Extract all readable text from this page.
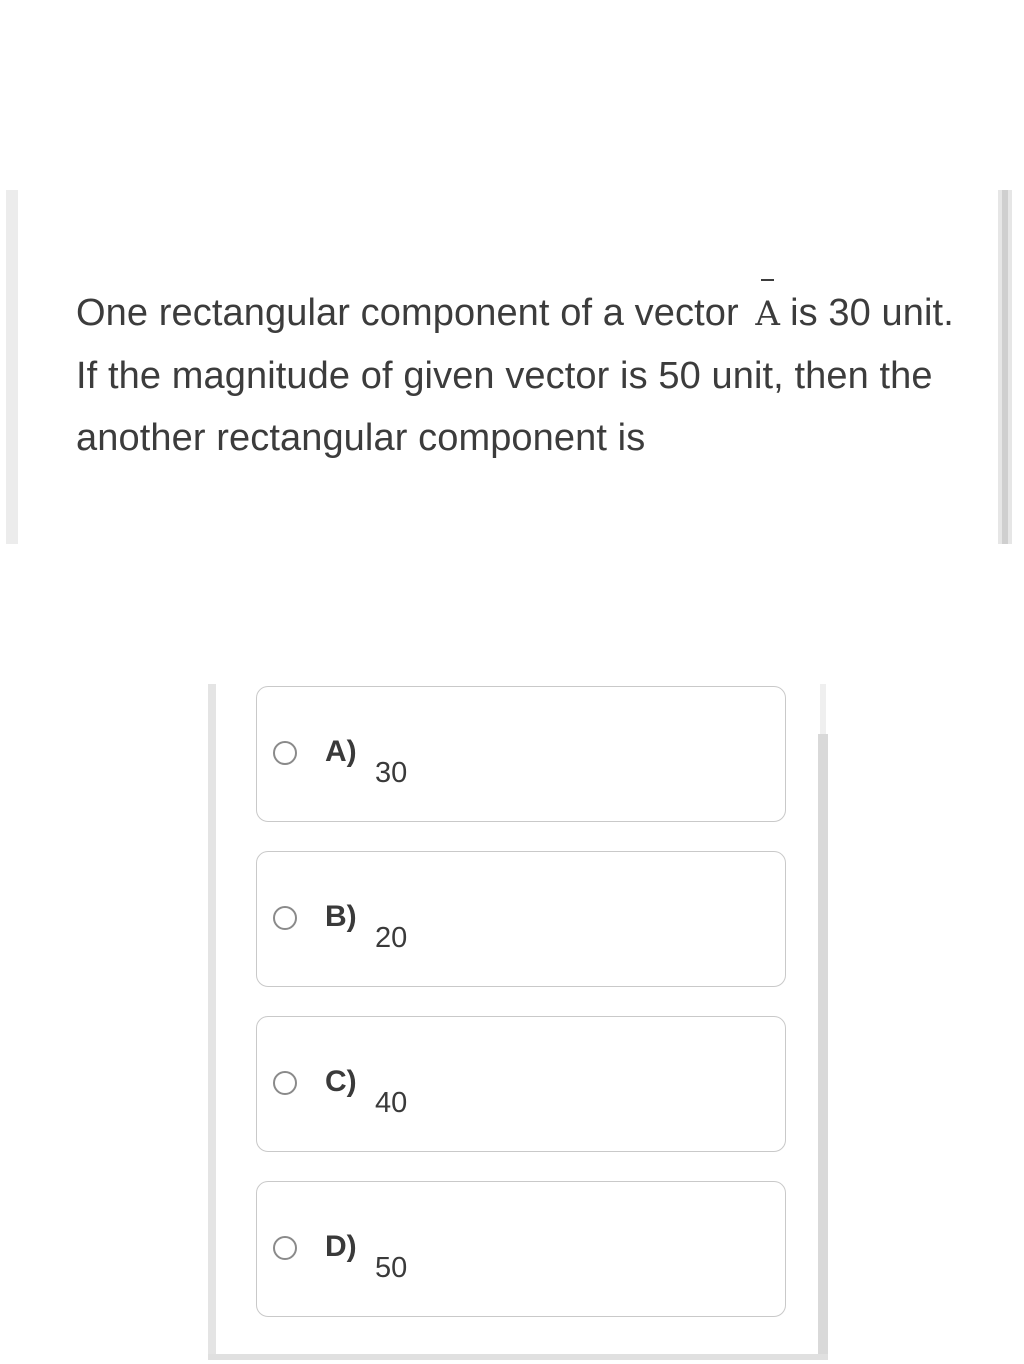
One rectangular component of a vector A is 30 unit. If the magnitude of given vector is 50 unit, then the another rectangular component is
A)
30
B)
20
C)
40
D)
50
